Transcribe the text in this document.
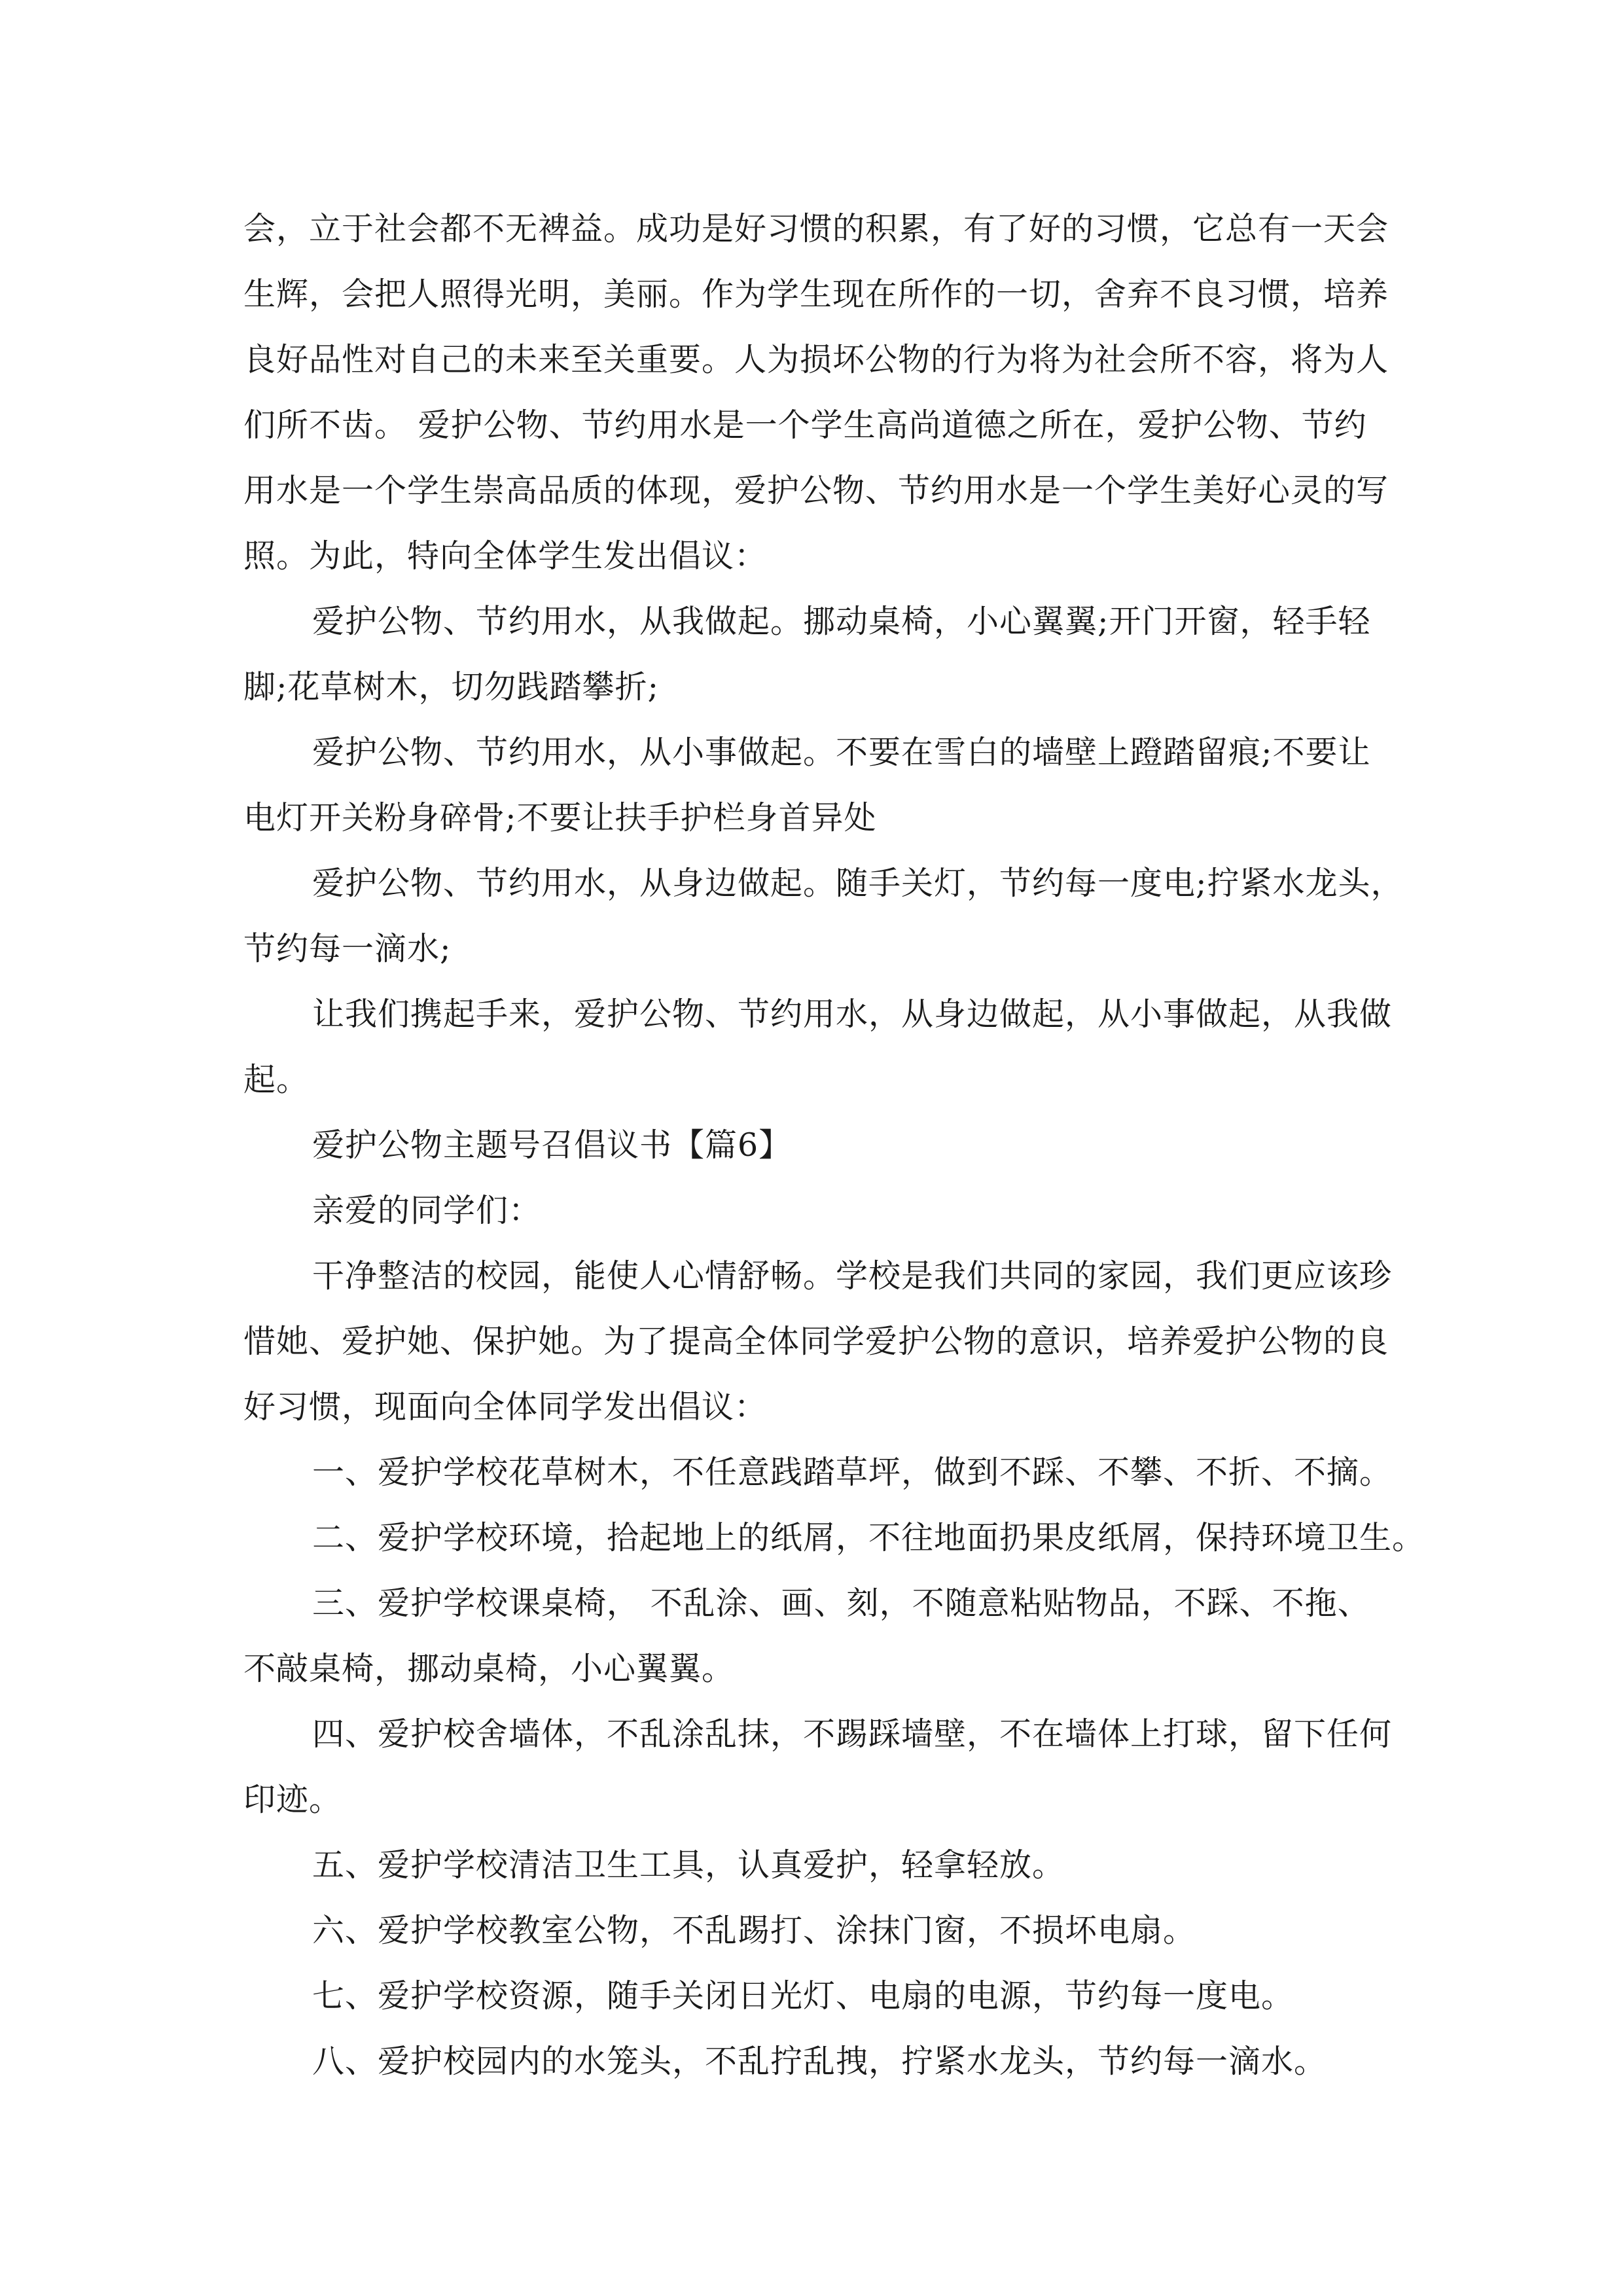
会，立于社会都不无裨益。成功是好习惯的积累，有了好的习惯，它总有一天会
生辉，会把人照得光明，美丽。作为学生现在所作的一切，舍弃不良习惯，培养
良好品性对自己的未来至关重要。人为损坏公物的行为将为社会所不容，将为人
们所不齿。 爱护公物、节约用水是一个学生高尚道德之所在，爱护公物、节约
用水是一个学生崇高品质的体现，爱护公物、节约用水是一个学生美好心灵的写
照。为此，特向全体学生发出倡议：
爱护公物、节约用水，从我做起。挪动桌椅，小心翼翼;开门开窗，轻手轻
脚;花草树木，切勿践踏攀折;
爱护公物、节约用水，从小事做起。不要在雪白的墙壁上蹬踏留痕;不要让
电灯开关粉身碎骨;不要让扶手护栏身首异处
爱护公物、节约用水，从身边做起。随手关灯，节约每一度电;拧紧水龙头，
节约每一滴水;
让我们携起手来，爱护公物、节约用水，从身边做起，从小事做起，从我做
起。
爱护公物主题号召倡议书【篇6】
亲爱的同学们：
干净整洁的校园，能使人心情舒畅。学校是我们共同的家园，我们更应该珍
惜她、爱护她、保护她。为了提高全体同学爱护公物的意识，培养爱护公物的良
好习惯，现面向全体同学发出倡议：
一、爱护学校花草树木，不任意践踏草坪，做到不踩、不攀、不折、不摘。
二、爱护学校环境，拾起地上的纸屑，不往地面扔果皮纸屑，保持环境卫生。
三、爱护学校课桌椅， 不乱涂、画、刻，不随意粘贴物品，不踩、不拖、
不敲桌椅，挪动桌椅，小心翼翼。
四、爱护校舍墙体，不乱涂乱抹，不踢踩墙壁，不在墙体上打球，留下任何
印迹。
五、爱护学校清洁卫生工具，认真爱护，轻拿轻放。
六、爱护学校教室公物，不乱踢打、涂抹门窗，不损坏电扇。
七、爱护学校资源，随手关闭日光灯、电扇的电源，节约每一度电。
八、爱护校园内的水笼头，不乱拧乱拽，拧紧水龙头，节约每一滴水。
